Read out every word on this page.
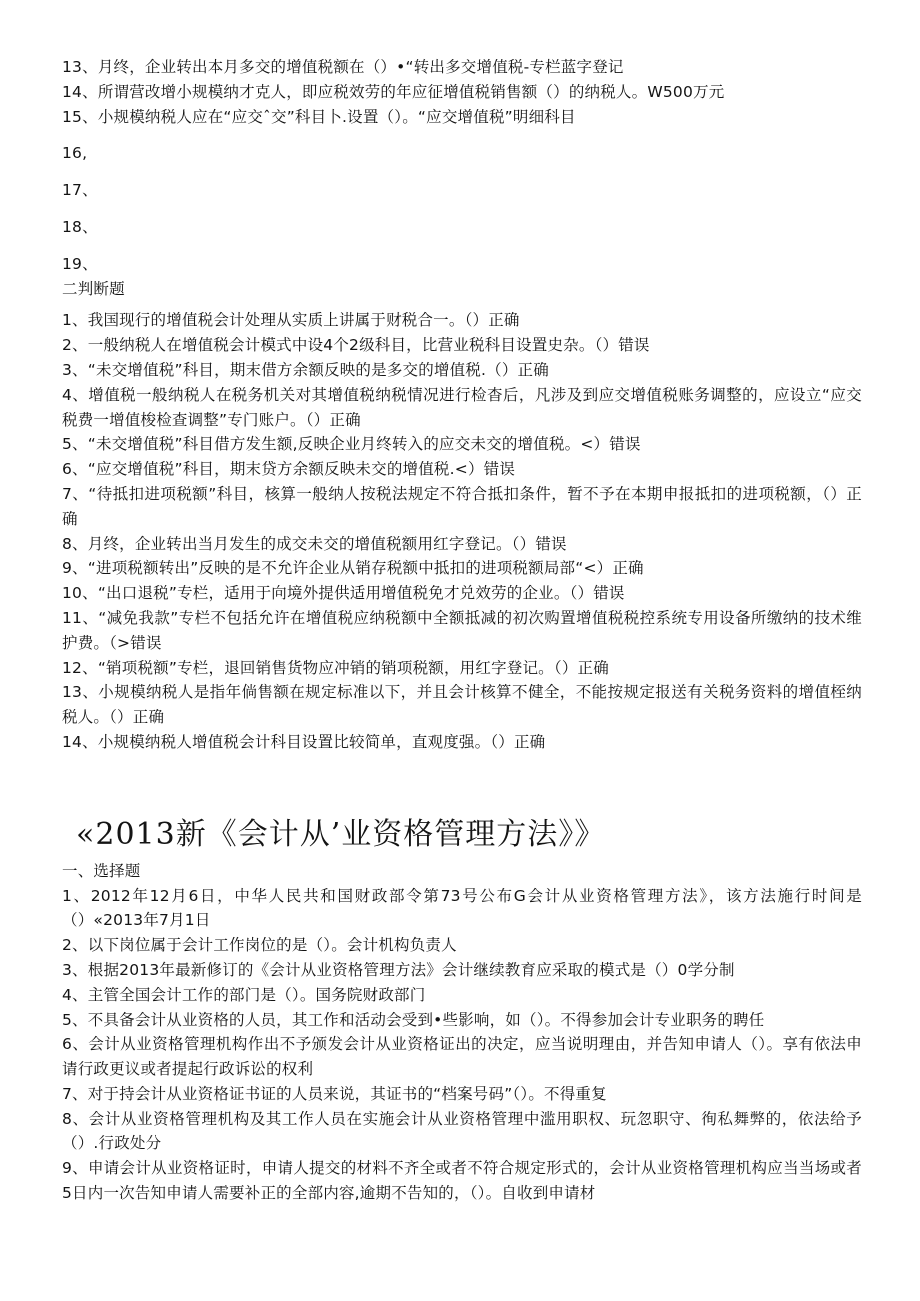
13、月终，企业转出本月多交的增值税额在（）•“转出多交增值税-专栏蓝字登记
14、所谓营改增小规模纳才克人，即应税效劳的年应征增值税销售额（）的纳税人。W500万元
15、小规模纳税人应在“应交ˆ交”科目卜.设置（）。“应交增值税”明细科目
16,
17、
18、
19、
二判断题
1、我国现行的增值税会计处理从实质上讲属于财税合一。（）正确
2、一般纳税人在增值税会计模式中设4个2级科目，比营业税科目设置史杂。（）错误
3、“未交增值税”科目，期末借方余额反映的是多交的增值税.（）正确
4、增值税一般纳税人在税务机关对其增值税纳税情况进行检杳后，凡涉及到应交增值税账务调整的，应设立“应交税费一增值梭检查调整”专门账户。（）正确
5、“未交增值税”科目借方发生额,反映企业月终转入的应交未交的增值税。<）错误
6、“应交增值税”科目，期末贷方余额反映未交的增值税.<）错误
7、“待抵扣进项税额”科目，核算一般纳人按税法规定不符合抵扣条件，暂不予在本期申报抵扣的进项税额，（）正确
8、月终，企业转出当月发生的成交未交的增值税额用红字登记。（）错误
9、“进项税额转出”反映的是不允许企业从销存税额中抵扣的进项税额局部“<）正确
10、“出口退税”专栏，适用于向境外提供适用增值税免才兑效劳的企业。（）错误
11、“减免我款”专栏不包括允许在增值税应纳税额中全额抵减的初次购置增值税税控系统专用设备所缴纳的技术维护费。（>错误
12、“销项税额”专栏，退回销售货物应冲销的销项税额，用红字登记。（）正确
13、小规模纳税人是指年倘售额在规定标准以下，并且会计核算不健全，不能按规定报送有关税务资料的增值桎纳税人。（）正确
14、小规模纳税人增值税会计科目设置比较简单，直观度强。（）正确
«2013新《会计从’业资格管理方法》》
一、选择题
1、2012年12月6日，中华人民共和国财政部令第73号公布G会计从业资格管理方法》，该方法施行时间是（）«2013年7月1日
2、以下岗位属于会计工作岗位的是（）。会计机构负责人
3、根据2013年最新修订的《会计从业资格管理方法》会计继续教育应采取的模式是（）0学分制
4、主管全国会计工作的部门是（）。国务院财政部门
5、不具备会计从业资格的人员，其工作和活动会受到•些影响，如（）。不得参加会计专业职务的聘任
6、会计从业资格管理机构作出不予颁发会计从业资格证出的决定，应当说明理由，并告知申请人（）。享有依法申请行政更议或者提起行政诉讼的权利
7、对于持会计从业资格证书证的人员来说，其证书的“档案号码”（）。不得重复
8、会计从业资格管理机构及其工作人员在实施会计从业资格管理中滥用职权、玩忽职守、徇私舞弊的，依法给予（）.行政处分
9、申请会计从业资格证时，申请人提交的材料不齐全或者不符合规定形式的，会计从业资格管理机构应当当场或者5日内一次告知申请人需要补正的全部内容,逾期不告知的，（）。自收到申请材
